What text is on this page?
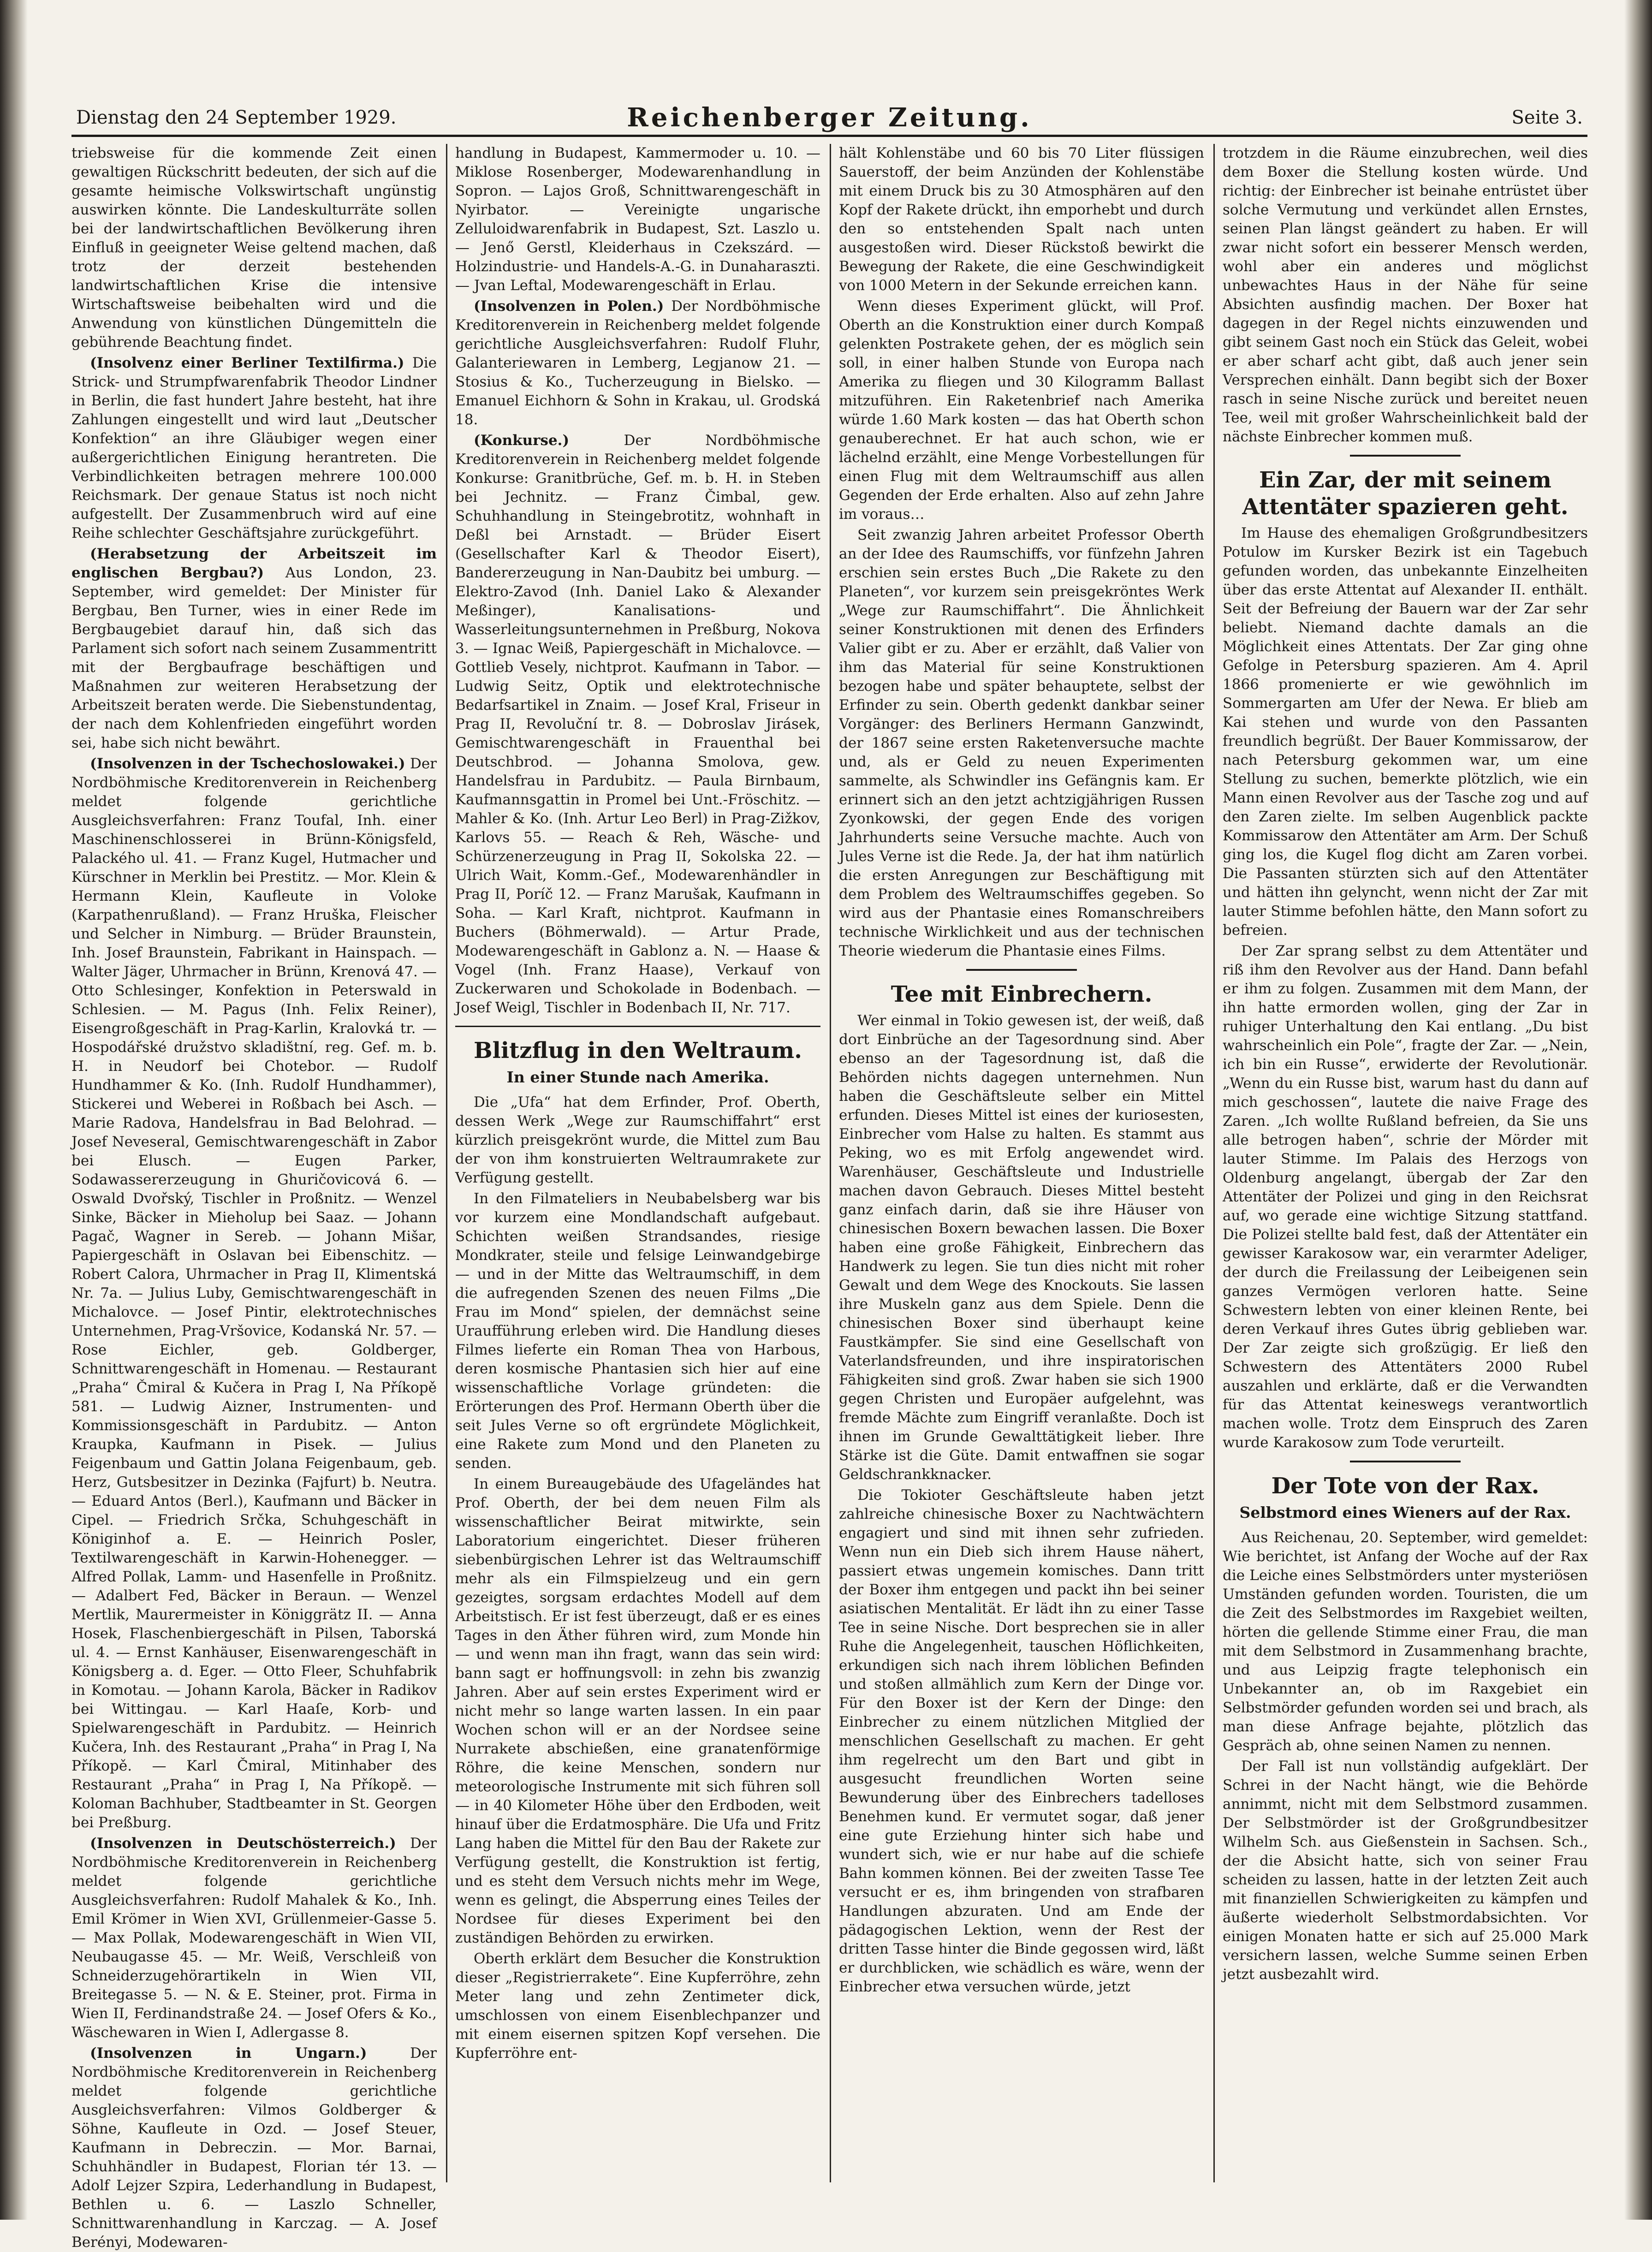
Dienstag den 24 September 1929.	Reichenberger Zeitung.	Seite 3.

triebsweise für die kommende Zeit einen gewaltigen Rückschritt bedeuten, der sich auf die gesamte heimische Volkswirtschaft ungünstig auswirken könnte. Die Landeskulturräte sollen bei der landwirtschaftlichen Bevölkerung ihren Einfluß in geeigneter Weise geltend machen, daß trotz der derzeit bestehenden landwirtschaftlichen Krise die intensive Wirtschaftsweise beibehalten wird und die Anwendung von künstlichen Düngemitteln die gebührende Beachtung findet.

(Insolvenz einer Berliner Textilfirma.) Die Strick- und Strumpfwarenfabrik Theodor Lindner in Berlin, die fast hundert Jahre besteht, hat ihre Zahlungen eingestellt und wird laut „Deutscher Konfektion“ an ihre Gläubiger wegen einer außergerichtlichen Einigung herantreten. Die Verbindlichkeiten betragen mehrere 100.000 Reichsmark. Der genaue Status ist noch nicht aufgestellt. Der Zusammenbruch wird auf eine Reihe schlechter Geschäftsjahre zurückgeführt.

(Herabsetzung der Arbeitszeit im englischen Bergbau?) Aus London, 23. September, wird gemeldet: Der Minister für Bergbau, Ben Turner, wies in einer Rede im Bergbaugebiet darauf hin, daß sich das Parlament sich sofort nach seinem Zusammentritt mit der Bergbaufrage beschäftigen und Maßnahmen zur weiteren Herabsetzung der Arbeitszeit beraten werde. Die Siebenstundentag, der nach dem Kohlenfrieden eingeführt worden sei, habe sich nicht bewährt.

(Insolvenzen in der Tschechoslowakei.) Der Nordböhmische Kreditorenverein in Reichenberg meldet folgende gerichtliche Ausgleichsverfahren: Franz Toufal, Inh. einer Maschinenschlosserei in Brünn-Königsfeld, Palackého ul. 41. — Franz Kugel, Hutmacher und Kürschner in Merklin bei Prestitz. — Mor. Klein & Hermann Klein, Kaufleute in Voloke (Karpathenrußland). — Franz Hruška, Fleischer und Selcher in Nimburg. — Brüder Braunstein, Inh. Josef Braunstein, Fabrikant in Hainspach. — Walter Jäger, Uhrmacher in Brünn, Krenová 47. — Otto Schlesinger, Konfektion in Peterswald in Schlesien. — M. Pagus (Inh. Felix Reiner), Eisengroßgeschäft in Prag-Karlin, Kralovká tr. — Hospodářské družstvo skladištní, reg. Gef. m. b. H. in Neudorf bei Chotebor. — Rudolf Hundhammer & Ko. (Inh. Rudolf Hundhammer), Stickerei und Weberei in Roßbach bei Asch. — Marie Radova, Handelsfrau in Bad Belohrad. — Josef Neveseral, Gemischtwarengeschäft in Zabor bei Elusch. — Eugen Parker, Sodawassererzeugung in Ghuričovicová 6. — Oswald Dvořský, Tischler in Proßnitz. — Wenzel Sinke, Bäcker in Mieholup bei Saaz. — Johann Pagač, Wagner in Sereb. — Johann Mišar, Papiergeschäft in Oslavan bei Eibenschitz. — Robert Calora, Uhrmacher in Prag II, Klimentská Nr. 7a. — Julius Luby, Gemischtwarengeschäft in Michalovce. — Josef Pintir, elektrotechnisches Unternehmen, Prag-Vršovice, Kodanská Nr. 57. — Rose Eichler, geb. Goldberger, Schnittwarengeschäft in Homenau. — Restaurant „Praha“ Čmiral & Kučera in Prag I, Na Příkopě 581. — Ludwig Aizner, Instrumenten- und Kommissionsgeschäft in Pardubitz. — Anton Kraupka, Kaufmann in Pisek. — Julius Feigenbaum und Gattin Jolana Feigenbaum, geb. Herz, Gutsbesitzer in Dezinka (Fajfurt) b. Neutra. — Eduard Antos (Berl.), Kaufmann und Bäcker in Cipel. — Friedrich Srčka, Schuhgeschäft in Königinhof a. E. — Heinrich Posler, Textilwarengeschäft in Karwin-Hohenegger. — Alfred Pollak, Lamm- und Hasenfelle in Proßnitz. — Adalbert Fed, Bäcker in Beraun. — Wenzel Mertlik, Maurermeister in Königgrätz II. — Anna Hosek, Flaschenbiergeschäft in Pilsen, Taborská ul. 4. — Ernst Kanhäuser, Eisenwarengeschäft in Königsberg a. d. Eger. — Otto Fleer, Schuhfabrik in Komotau. — Johann Karola, Bäcker in Radikov bei Wittingau. — Karl Haaſe, Korb- und Spielwarengeschäft in Pardubitz. — Heinrich Kučera, Inh. des Restaurant „Praha“ in Prag I, Na Příkopě. — Karl Čmiral, Mitinhaber des Restaurant „Praha“ in Prag I, Na Příkopě. — Koloman Bachhuber, Stadtbeamter in St. Georgen bei Preßburg.

(Insolvenzen in Deutschösterreich.) Der Nordböhmische Kreditorenverein in Reichenberg meldet folgende gerichtliche Ausgleichsverfahren: Rudolf Mahalek & Ko., Inh. Emil Krömer in Wien XVI, Grüllenmeier-Gasse 5. — Max Pollak, Modewarengeschäft in Wien VII, Neubaugasse 45. — Mr. Weiß, Verschleiß von Schneiderzugehörartikeln in Wien VII, Breitegasse 5. — N. & E. Steiner, prot. Firma in Wien II, Ferdinandstraße 24. — Josef Ofers & Ko., Wäschewaren in Wien I, Adlergasse 8.

(Insolvenzen in Ungarn.)	Der Nordböhmische Kreditorenverein in Reichenberg meldet folgende gerichtliche Ausgleichsverfahren: Vilmos Goldberger & Söhne, Kaufleute in Ozd. — Josef Steuer, Kaufmann in Debreczin. — Mor. Barnai, Schuhhändler in Budapest, Florian tér 13. — Adolf Lejzer Szpira, Lederhandlung in Budapest, Bethlen u. 6. — Laszlo Schneller, Schnittwarenhandlung in Karczag. — A. Josef Berényi, Modewaren-

handlung in Budapest, Kammermoder u. 10. — Miklose Rosenberger, Modewarenhandlung in Sopron. — Lajos Groß, Schnittwarengeschäft in Nyirbator. — Vereinigte ungarische Zelluloidwarenfabrik in Budapest, Szt. Laszlo u. — Jenő Gerstl, Kleiderhaus in Czekszárd. — Holzindustrie- und Handels-A.-G. in Dunaharaszti. — Jvan Leftal, Modewarengeschäft in Erlau.

(Insolvenzen in Polen.) Der Nordböhmische Kreditorenverein in Reichenberg meldet folgende gerichtliche Ausgleichsverfahren: Rudolf Fluhr, Galanteriewaren in Lemberg, Legjanow 21. — Stosius & Ko., Tucherzeugung in Bielsko. — Emanuel Eichhorn & Sohn in Krakau, ul. Grodská 18.

(Konkurse.)	Der Nordböhmische Kreditorenverein in Reichenberg meldet folgende Konkurse: Granitbrüche, Gef. m. b. H. in Steben bei Jechnitz. — Franz Čimbal, gew. Schuhhandlung in Steingebrotitz, wohnhaft in Deßl bei Arnstadt. — Brüder Eisert (Gesellschafter Karl & Theodor Eisert), Bandererzeugung in Nan-Daubitz bei umburg. — Elektro-Zavod (Inh. Daniel Lako & Alexander Meßinger), Kanalisations- und Wasserleitungsunternehmen in Preßburg, Nokova 3. — Ignac Weiß, Papiergeschäft in Michalovce. — Gottlieb Vesely, nichtprot. Kaufmann in Tabor. — Ludwig Seitz, Optik und elektrotechnische Bedarfsartikel in Znaim. — Josef Kral, Friseur in Prag II, Revoluční tr. 8. — Dobroslav Jirásek, Gemischtwarengeschäft in Frauenthal bei Deutschbrod. — Johanna Smolova, gew. Handelsfrau in Pardubitz. — Paula Birnbaum, Kaufmannsgattin in Promel bei Unt.-Fröschitz. — Mahler & Ko. (Inh. Artur Leo Berl) in Prag-Zižkov, Karlovs 55. — Reach & Reh, Wäsche- und Schürzenerzeugung in Prag II, Sokolska 22. — Ulrich Wait, Komm.-Gef., Modewarenhändler in Prag II, Poríč 12. — Franz Marušak, Kaufmann in Soha. — Karl Kraft, nichtprot. Kaufmann in Buchers (Böhmerwald). — Artur Prade, Modewarengeschäft in Gablonz a. N. — Haase & Vogel (Inh. Franz Haase), Verkauf von Zuckerwaren und Schokolade in Bodenbach. — Josef Weigl, Tischler in Bodenbach II, Nr. 717.

Blitzflug in den Weltraum.
In einer Stunde nach Amerika.

Die „Ufa“ hat dem Erfinder, Prof. Oberth, dessen Werk „Wege zur Raumschiffahrt“ erst kürzlich preisgekrönt wurde, die Mittel zum Bau der von ihm konstruierten Weltraumrakete zur Verfügung gestellt.

In den Filmateliers in Neubabelsberg war bis vor kurzem eine Mondlandschaft aufgebaut. Schichten weißen Strandsandes, riesige Mondkrater, steile und felsige Leinwandgebirge — und in der Mitte das Weltraumschiff, in dem die aufregenden Szenen des neuen Films „Die Frau im Mond“ spielen, der demnächst seine Uraufführung erleben wird. Die Handlung dieses Filmes lieferte ein Roman Thea von Harbous, deren kosmische Phantasien sich hier auf eine wissenschaftliche Vorlage gründeten: die Erörterungen des Prof. Hermann Oberth über die seit Jules Verne so oft ergründete Möglichkeit, eine Rakete zum Mond und den Planeten zu senden.

In einem Bureaugebäude des Ufageländes hat Prof. Oberth, der bei dem neuen Film als wissenschaftlicher Beirat mitwirkte, sein Laboratorium eingerichtet. Dieser früheren siebenbürgischen Lehrer ist das Weltraumschiff mehr als ein Filmspielzeug und ein gern gezeigtes, sorgsam erdachtes Modell auf dem Arbeitstisch. Er ist fest überzeugt, daß er es eines Tages in den Äther führen wird, zum Monde hin — und wenn man ihn fragt, wann das sein wird: bann sagt er hoffnungsvoll: in zehn bis zwanzig Jahren. Aber auf sein erstes Experiment wird er nicht mehr so lange warten lassen. In ein paar Wochen schon will er an der Nordsee seine Nurrakete abschießen, eine granatenförmige Röhre, die keine Menschen, sondern nur meteorologische Instrumente mit sich führen soll — in 40 Kilometer Höhe über den Erdboden, weit hinauf über die Erdatmosphäre. Die Ufa und Fritz Lang haben die Mittel für den Bau der Rakete zur Verfügung gestellt, die Konstruktion ist fertig, und es steht dem Versuch nichts mehr im Wege, wenn es gelingt, die Absperrung eines Teiles der Nordsee für dieses Experiment bei den zuständigen Behörden zu erwirken.

Oberth erklärt dem Besucher die Konstruktion dieser „Registrierrakete“. Eine Kupferröhre, zehn Meter lang und zehn Zentimeter dick, umschlossen von einem Eisenblechpanzer und mit einem eisernen spitzen Kopf versehen. Die Kupferröhre ent-

hält Kohlenstäbe und 60 bis 70 Liter flüssigen Sauerstoff, der beim Anzünden der Kohlenstäbe mit einem Druck bis zu 30 Atmosphären auf den Kopf der Rakete drückt, ihn emporhebt und durch den so entstehenden Spalt nach unten ausgestoßen wird. Dieser Rückstoß bewirkt die Bewegung der Rakete, die eine Geschwindigkeit von 1000 Metern in der Sekunde erreichen kann.

Wenn dieses Experiment glückt, will Prof. Oberth an die Konstruktion einer durch Kompaß gelenkten Postrakete gehen, der es möglich sein soll, in einer halben Stunde von Europa nach Amerika zu fliegen und 30 Kilogramm Ballast mitzuführen. Ein Raketenbrief nach Amerika würde 1.60 Mark kosten — das hat Oberth schon genauberechnet. Er hat auch schon, wie er lächelnd erzählt, eine Menge Vorbestellungen für einen Flug mit dem Weltraumschiff aus allen Gegenden der Erde erhalten. Also auf zehn Jahre im voraus…

Seit zwanzig Jahren arbeitet Professor Oberth an der Idee des Raumschiffs, vor fünfzehn Jahren erschien sein erstes Buch „Die Rakete zu den Planeten“, vor kurzem sein preisgekröntes Werk „Wege zur Raumschiffahrt“. Die Ähnlichkeit seiner Konstruktionen mit denen des Erfinders Valier gibt er zu. Aber er erzählt, daß Valier von ihm das Material für seine Konstruktionen bezogen habe und später behauptete, selbst der Erfinder zu sein. Oberth gedenkt dankbar seiner Vorgänger: des Berliners Hermann Ganzwindt, der 1867 seine ersten Raketenversuche machte und, als er Geld zu neuen Experimenten sammelte, als Schwindler ins Gefängnis kam. Er erinnert sich an den jetzt achtzigjährigen Russen Zyonkowski, der gegen Ende des vorigen Jahrhunderts seine Versuche machte. Auch von Jules Verne ist die Rede. Ja, der hat ihm natürlich die ersten Anregungen zur Beschäftigung mit dem Problem des Weltraumschiffes gegeben. So wird aus der Phantasie eines Romanschreibers technische Wirklichkeit und aus der technischen Theorie wiederum die Phantasie eines Films.

Tee mit Einbrechern.

Wer einmal in Tokio gewesen ist, der weiß, daß dort Einbrüche an der Tagesordnung sind. Aber ebenso an der Tagesordnung ist, daß die Behörden nichts dagegen unternehmen. Nun haben die Geschäftsleute selber ein Mittel erfunden. Dieses Mittel ist eines der kuriosesten, Einbrecher vom Halse zu halten. Es stammt aus Peking, wo es mit Erfolg angewendet wird. Warenhäuser, Geschäftsleute und Industrielle machen davon Gebrauch. Dieses Mittel besteht ganz einfach darin, daß sie ihre Häuser von chinesischen Boxern bewachen lassen. Die Boxer haben eine große Fähigkeit, Einbrechern das Handwerk zu legen. Sie tun dies nicht mit roher Gewalt und dem Wege des Knockouts. Sie lassen ihre Muskeln ganz aus dem Spiele. Denn die chinesischen Boxer sind überhaupt keine Faustkämpfer. Sie sind eine Gesellschaft von Vaterlandsfreunden, und ihre inspiratorischen Fähigkeiten sind groß. Zwar haben sie sich 1900 gegen Christen und Europäer aufgelehnt, was fremde Mächte zum Eingriff veranlaßte. Doch ist ihnen im Grunde Gewalttätigkeit lieber. Ihre Stärke ist die Güte. Damit entwaffnen sie sogar Geldschrankknacker.

Die Tokioter Geschäftsleute haben jetzt zahlreiche chinesische Boxer zu Nachtwächtern engagiert und sind mit ihnen sehr zufrieden. Wenn nun ein Dieb sich ihrem Hause nähert, passiert etwas ungemein komisches. Dann tritt der Boxer ihm entgegen und packt ihn bei seiner asiatischen Mentalität. Er lädt ihn zu einer Tasse Tee in seine Nische. Dort besprechen sie in aller Ruhe die Angelegenheit, tauschen Höflichkeiten, erkundigen sich nach ihrem löblichen Befinden und stoßen allmählich zum Kern der Dinge vor. Für den Boxer ist der Kern der Dinge: den Einbrecher zu einem nützlichen Mitglied der menschlichen Gesellschaft zu machen. Er geht ihm regelrecht um den Bart und gibt in ausgesucht freundlichen Worten seine Bewunderung über des Einbrechers tadelloses Benehmen kund. Er vermutet sogar, daß jener eine gute Erziehung hinter sich habe und wundert sich, wie er nur habe auf die schiefe Bahn kommen können. Bei der zweiten Tasse Tee versucht er es, ihm bringenden von strafbaren Handlungen abzuraten. Und am Ende der pädagogischen Lektion, wenn der Rest der dritten Tasse hinter die Binde gegossen wird, läßt er durchblicken, wie schädlich es wäre, wenn der Einbrecher etwa versuchen würde, jetzt

trotzdem in die Räume einzubrechen, weil dies dem Boxer die Stellung kosten würde. Und richtig: der Einbrecher ist beinahe entrüstet über solche Vermutung und verkündet allen Ernstes, seinen Plan längst geändert zu haben. Er will zwar nicht sofort ein besserer Mensch werden, wohl aber ein anderes und möglichst unbewachtes Haus in der Nähe für seine Absichten ausfindig machen. Der Boxer hat dagegen in der Regel nichts einzuwenden und gibt seinem Gast noch ein Stück das Geleit, wobei er aber scharf acht gibt, daß auch jener sein Versprechen einhält. Dann begibt sich der Boxer rasch in seine Nische zurück und bereitet neuen Tee, weil mit großer Wahrscheinlichkeit bald der nächste Einbrecher kommen muß.

Ein Zar, der mit seinem Attentäter spazieren geht.

Im Hause des ehemaligen Großgrundbesitzers Potulow im Kursker Bezirk ist ein Tagebuch gefunden worden, das unbekannte Einzelheiten über das erste Attentat auf Alexander II. enthält. Seit der Befreiung der Bauern war der Zar sehr beliebt. Niemand dachte damals an die Möglichkeit eines Attentats. Der Zar ging ohne Gefolge in Petersburg spazieren. Am 4. April 1866 promenierte er wie gewöhnlich im Sommergarten am Ufer der Newa. Er blieb am Kai stehen und wurde von den Passanten freundlich begrüßt. Der Bauer Kommissarow, der nach Petersburg gekommen war, um eine Stellung zu suchen, bemerkte plötzlich, wie ein Mann einen Revolver aus der Tasche zog und auf den Zaren zielte. Im selben Augenblick packte Kommissarow den Attentäter am Arm. Der Schuß ging los, die Kugel flog dicht am Zaren vorbei. Die Passanten stürzten sich auf den Attentäter und hätten ihn gelyncht, wenn nicht der Zar mit lauter Stimme befohlen hätte, den Mann sofort zu befreien.

Der Zar sprang selbst zu dem Attentäter und riß ihm den Revolver aus der Hand. Dann befahl er ihm zu folgen. Zusammen mit dem Mann, der ihn hatte ermorden wollen, ging der Zar in ruhiger Unterhaltung den Kai entlang. „Du bist wahrscheinlich ein Pole“, fragte der Zar. — „Nein, ich bin ein Russe“, erwiderte der Revolutionär. „Wenn du ein Russe bist, warum hast du dann auf mich geschossen“, lautete die naive Frage des Zaren. „Ich wollte Rußland befreien, da Sie uns alle betrogen haben“, schrie der Mörder mit lauter Stimme. Im Palais des Herzogs von Oldenburg angelangt, übergab der Zar den Attentäter der Polizei und ging in den Reichsrat auf, wo gerade eine wichtige Sitzung stattfand. Die Polizei stellte bald fest, daß der Attentäter ein gewisser Karakosow war, ein verarmter Adeliger, der durch die Freilassung der Leibeigenen sein ganzes Vermögen verloren hatte. Seine Schwestern lebten von einer kleinen Rente, bei deren Verkauf ihres Gutes übrig geblieben war. Der Zar zeigte sich großzügig. Er ließ den Schwestern des Attentäters 2000 Rubel auszahlen und erklärte, daß er die Verwandten für das Attentat keineswegs verantwortlich machen wolle. Trotz dem Einspruch des Zaren wurde Karakosow zum Tode verurteilt.

Der Tote von der Rax.
Selbstmord eines Wieners auf der Rax.

Aus Reichenau, 20. September, wird gemeldet: Wie berichtet, ist Anfang der Woche auf der Rax die Leiche eines Selbstmörders unter mysteriösen Umständen gefunden worden. Touristen, die um die Zeit des Selbstmordes im Raxgebiet weilten, hörten die gellende Stimme einer Frau, die man mit dem Selbstmord in Zusammenhang brachte, und aus Leipzig fragte telephonisch ein Unbekannter an, ob im Raxgebiet ein Selbstmörder gefunden worden sei und brach, als man diese Anfrage bejahte, plötzlich das Gespräch ab, ohne seinen Namen zu nennen.

Der Fall ist nun vollständig aufgeklärt. Der Schrei in der Nacht hängt, wie die Behörde annimmt, nicht mit dem Selbstmord zusammen. Der Selbstmörder ist der Großgrundbesitzer Wilhelm Sch. aus Gießenstein in Sachsen. Sch., der die Absicht hatte, sich von seiner Frau scheiden zu lassen, hatte in der letzten Zeit auch mit finanziellen Schwierigkeiten zu kämpfen und äußerte wiederholt Selbstmordabsichten. Vor einigen Monaten hatte er sich auf 25.000 Mark versichern lassen, welche Summe seinen Erben jetzt ausbezahlt wird.
